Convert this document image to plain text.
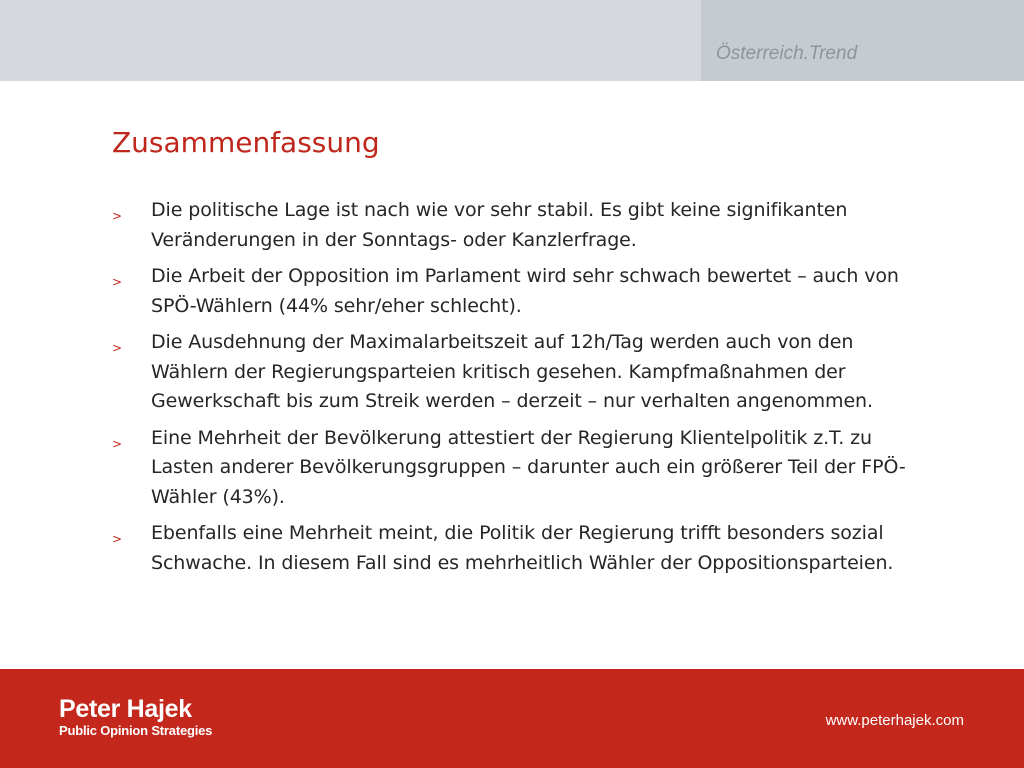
Österreich.Trend
Zusammenfassung
>	Die politische Lage ist nach wie vor sehr stabil. Es gibt keine signifikanten Veränderungen in der Sonntags- oder Kanzlerfrage.
>	Die Arbeit der Opposition im Parlament wird sehr schwach bewertet – auch von SPÖ-Wählern (44% sehr/eher schlecht).
>	Die Ausdehnung der Maximalarbeitszeit auf 12h/Tag werden auch von den Wählern der Regierungsparteien kritisch gesehen. Kampfmaßnahmen der Gewerkschaft bis zum Streik werden – derzeit – nur verhalten angenommen.
>	Eine Mehrheit der Bevölkerung attestiert der Regierung Klientelpolitik z.T. zu Lasten anderer Bevölkerungsgruppen – darunter auch ein größerer Teil der FPÖ-Wähler (43%).
>	Ebenfalls eine Mehrheit meint, die Politik der Regierung trifft besonders sozial Schwache. In diesem Fall sind es mehrheitlich Wähler der Oppositionsparteien.
Peter Hajek
Public Opinion Strategies
www.peterhajek.com
